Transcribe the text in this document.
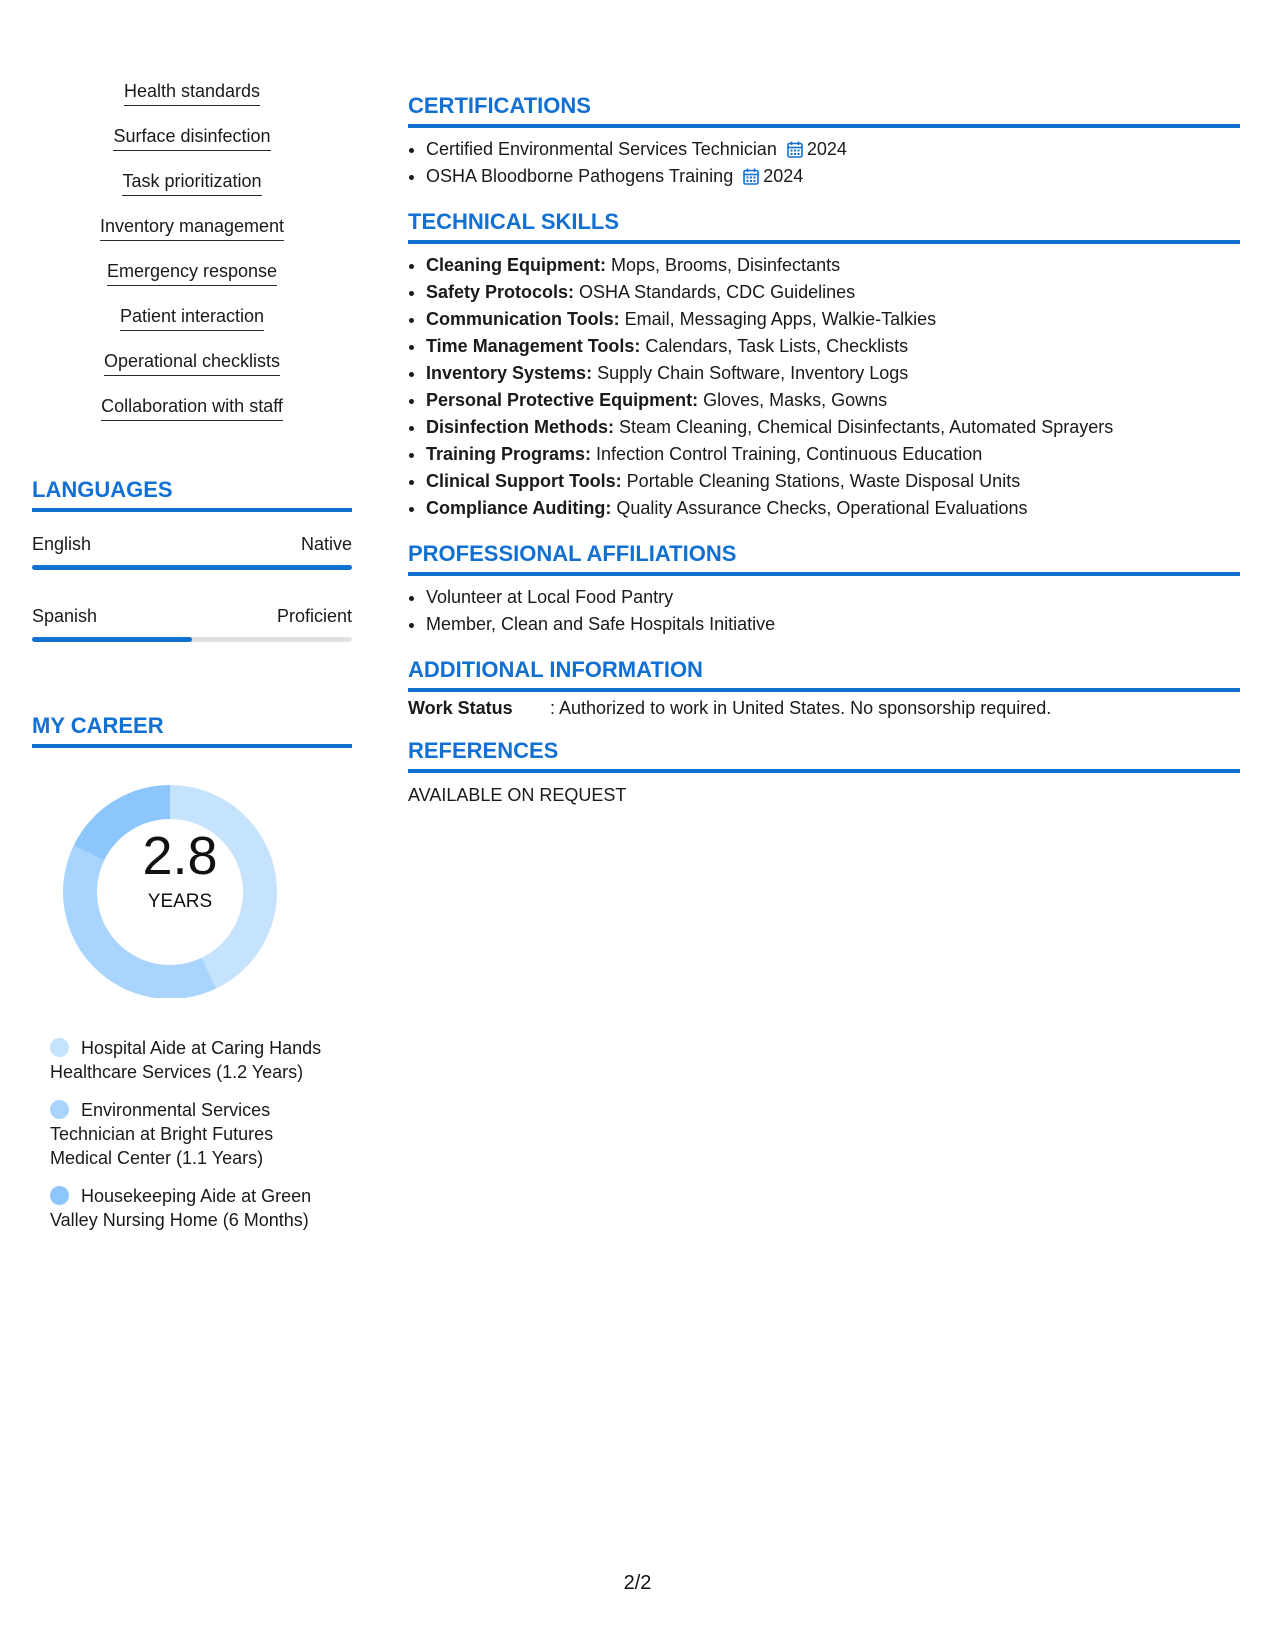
Health standards
Surface disinfection
Task prioritization
Inventory management
Emergency response
Patient interaction
Operational checklists
Collaboration with staff
LANGUAGES
English	Native
Spanish	Proficient
MY CAREER
2.8
YEARS
Hospital Aide at Caring Hands Healthcare Services (1.2 Years)
Environmental Services Technician at Bright Futures Medical Center (1.1 Years)
Housekeeping Aide at Green Valley Nursing Home (6 Months)
CERTIFICATIONS
• Certified Environmental Services Technician 2024
• OSHA Bloodborne Pathogens Training 2024
TECHNICAL SKILLS
• Cleaning Equipment: Mops, Brooms, Disinfectants
• Safety Protocols: OSHA Standards, CDC Guidelines
• Communication Tools: Email, Messaging Apps, Walkie-Talkies
• Time Management Tools: Calendars, Task Lists, Checklists
• Inventory Systems: Supply Chain Software, Inventory Logs
• Personal Protective Equipment: Gloves, Masks, Gowns
• Disinfection Methods: Steam Cleaning, Chemical Disinfectants, Automated Sprayers
• Training Programs: Infection Control Training, Continuous Education
• Clinical Support Tools: Portable Cleaning Stations, Waste Disposal Units
• Compliance Auditing: Quality Assurance Checks, Operational Evaluations
PROFESSIONAL AFFILIATIONS
• Volunteer at Local Food Pantry
• Member, Clean and Safe Hospitals Initiative
ADDITIONAL INFORMATION
Work Status	: Authorized to work in United States. No sponsorship required.
REFERENCES
AVAILABLE ON REQUEST
2/2
